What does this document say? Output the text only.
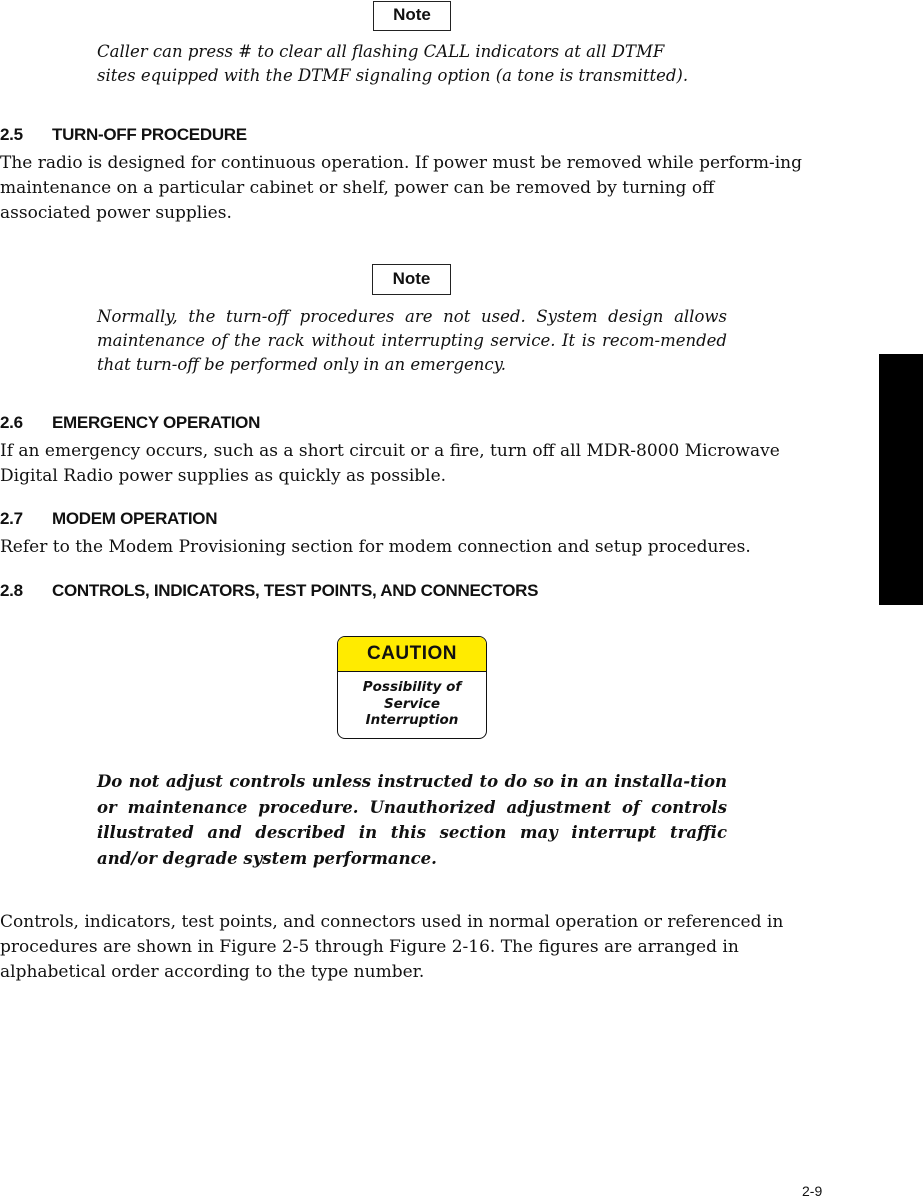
Note
Caller can press # to clear all flashing CALL indicators at all DTMF
sites equipped with the DTMF signaling option (a tone is transmitted).
2.5 TURN-OFF PROCEDURE
The radio is designed for continuous operation. If power must be removed while perform-ing maintenance on a particular cabinet or shelf, power can be removed by turning off associated power supplies.
Note
Normally, the turn-off procedures are not used. System design allows maintenance of the rack without interrupting service. It is recom-mended that turn-off be performed only in an emergency.
2.6 EMERGENCY OPERATION
If an emergency occurs, such as a short circuit or a fire, turn off all MDR-8000 Microwave Digital Radio power supplies as quickly as possible.
2.7 MODEM OPERATION
Refer to the Modem Provisioning section for modem connection and setup procedures.
2.8 CONTROLS, INDICATORS, TEST POINTS, AND CONNECTORS
CAUTION
Possibility of
Service
Interruption
Do not adjust controls unless instructed to do so in an installa-tion or maintenance procedure. Unauthorized adjustment of controls illustrated and described in this section may interrupt traffic and/or degrade system performance.
Controls, indicators, test points, and connectors used in normal operation or referenced in procedures are shown in Figure 2-5 through Figure 2-16. The figures are arranged in alphabetical order according to the type number.
2-9
